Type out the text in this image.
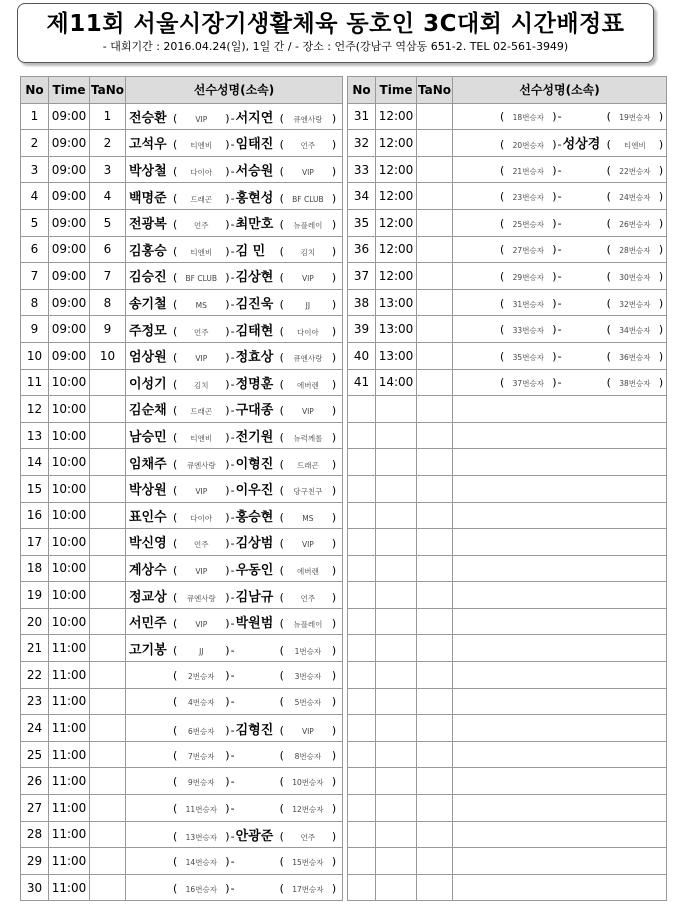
제11회 서울시장기생활체육 동호인 3C대회 시간배정표
- 대회기간 : 2016.04.24(일), 1일 간 / - 장소 : 언주(강남구 역삼동 651-2. TEL 02-561-3949)
No	Time	TaNo	선수성명(소속)
1	09:00	1	전승환 ( VIP )-서지연 ( 큐엔사랑 )
2	09:00	2	고석우 ( 티엔비 )-임태진 ( 언주 )
3	09:00	3	박상철 ( 다이아 )-서승원 ( VIP )
4	09:00	4	백명준 ( 드래곤 )-홍현성 ( BF CLUB )
5	09:00	5	전광복 ( 언주 )-최만호 ( 뉴플레이 )
6	09:00	6	김홍승 ( 티엔비 )-김 민 ( 김치 )
7	09:00	7	김승진 ( BF CLUB )-김상현 ( VIP )
8	09:00	8	송기철 ( MS )-김진욱 ( JJ )
9	09:00	9	주정모 ( 언주 )-김태현 ( 다이아 )
10	09:00	10	엄상원 ( VIP )-정효상 ( 큐엔사랑 )
11	10:00		이성기 ( 김치 )-정명훈 ( 에버렌 )
12	10:00		김순채 ( 드래곤 )-구대종 ( VIP )
13	10:00		남승민 ( 티엔비 )-전기원 ( 뉴럭께롤 )
14	10:00		임채주 ( 큐엔사랑 )-이형진 ( 드래곤 )
15	10:00		박상원 ( VIP )-이우진 ( 당구친구 )
16	10:00		표인수 ( 다이아 )-홍승현 ( MS )
17	10:00		박신영 ( 언주 )-김상범 ( VIP )
18	10:00		계상수 ( VIP )-우동인 ( 에버렌 )
19	10:00		정교상 ( 큐엔사랑 )-김남규 ( 언주 )
20	10:00		서민주 ( VIP )-박원범 ( 뉴플레이 )
21	11:00		고기봉 ( JJ )- ( 1번승자 )
22	11:00		( 2번승자 )- ( 3번승자 )
23	11:00		( 4번승자 )- ( 5번승자 )
24	11:00		( 6번승자 )-김형진 ( VIP )
25	11:00		( 7번승자 )- ( 8번승자 )
26	11:00		( 9번승자 )- ( 10번승자 )
27	11:00		( 11번승자 )- ( 12번승자 )
28	11:00		( 13번승자 )-안광준 ( 언주 )
29	11:00		( 14번승자 )- ( 15번승자 )
30	11:00		( 16번승자 )- ( 17번승자 )
No	Time	TaNo	선수성명(소속)
31	12:00		( 18번승자 )- ( 19번승자 )
32	12:00		( 20번승자 )-성상경 ( 티엔비 )
33	12:00		( 21번승자 )- ( 22번승자 )
34	12:00		( 23번승자 )- ( 24번승자 )
35	12:00		( 25번승자 )- ( 26번승자 )
36	12:00		( 27번승자 )- ( 28번승자 )
37	12:00		( 29번승자 )- ( 30번승자 )
38	13:00		( 31번승자 )- ( 32번승자 )
39	13:00		( 33번승자 )- ( 34번승자 )
40	13:00		( 35번승자 )- ( 36번승자 )
41	14:00		( 37번승자 )- ( 38번승자 )
